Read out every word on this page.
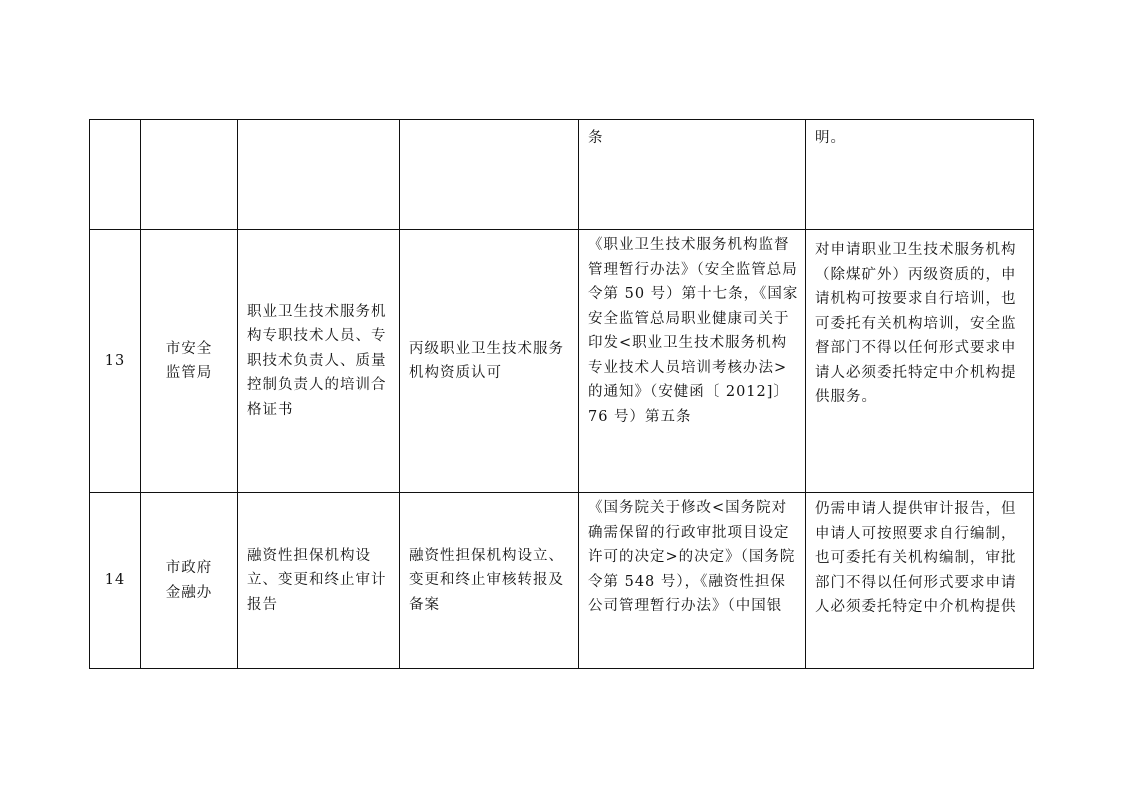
				条	明。
13	市安全监管局	职业卫生技术服务机构专职技术人员、专职技术负责人、质量控制负责人的培训合格证书	丙级职业卫生技术服务机构资质认可	《职业卫生技术服务机构监督管理暂行办法》（安全监管总局令第 50 号）第十七条，《国家安全监管总局职业健康司关于印发<职业卫生技术服务机构专业技术人员培训考核办法>的通知》（安健函〔 2012]〕76 号）第五条	对申请职业卫生技术服务机构（除煤矿外）丙级资质的，申请机构可按要求自行培训，也可委托有关机构培训，安全监督部门不得以任何形式要求申请人必须委托特定中介机构提供服务。
14	市政府金融办	融资性担保机构设立、变更和终止审计报告	融资性担保机构设立、变更和终止审核转报及备案	《国务院关于修改<国务院对确需保留的行政审批项目设定许可的决定>的决定》（国务院令第 548 号），《融资性担保公司管理暂行办法》（中国银	仍需申请人提供审计报告，但申请人可按照要求自行编制，也可委托有关机构编制，审批部门不得以任何形式要求申请人必须委托特定中介机构提供
